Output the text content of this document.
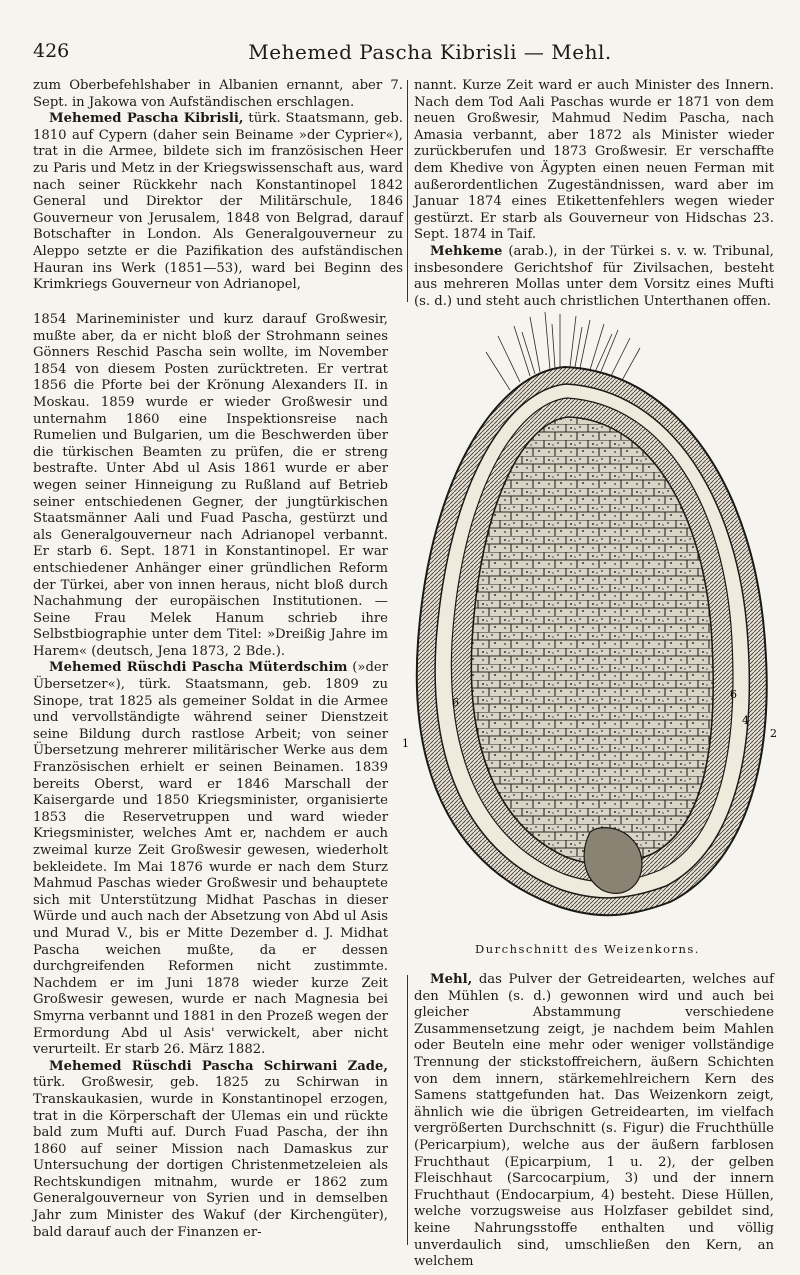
426	Mehemed Pascha Kibrisli — Mehl.

zum Oberbefehlshaber in Albanien ernannt, aber 7. Sept. in Jakowa von Aufständischen erschlagen.

Mehemed Pascha Kibrisli, türk. Staatsmann, geb. 1810 auf Cypern (daher sein Beiname »der Cyprier«), trat in die Armee, bildete sich im französischen Heer zu Paris und Metz in der Kriegswissenschaft aus, ward nach seiner Rückkehr nach Konstantinopel 1842 General und Direktor der Militärschule, 1846 Gouverneur von Jerusalem, 1848 von Belgrad, darauf Botschafter in London. Als Generalgouverneur zu Aleppo setzte er die Pazifikation des aufständischen Hauran ins Werk (1851—53), ward bei Beginn des Krimkriegs Gouverneur von Adrianopel,

1854 Marineminister und kurz darauf Großwesir, mußte aber, da er nicht bloß der Strohmann seines Gönners Reschid Pascha sein wollte, im November 1854 von diesem Posten zurücktreten. Er vertrat 1856 die Pforte bei der Krönung Alexanders II. in Moskau. 1859 wurde er wieder Großwesir und unternahm 1860 eine Inspektionsreise nach Rumelien und Bulgarien, um die Beschwerden über die türkischen Beamten zu prüfen, die er streng bestrafte. Unter Abd ul Asis 1861 wurde er aber wegen seiner Hinneigung zu Rußland auf Betrieb seiner entschiedenen Gegner, der jungtürkischen Staatsmänner Aali und Fuad Pascha, gestürzt und als Generalgouverneur nach Adrianopel verbannt. Er starb 6. Sept. 1871 in Konstantinopel. Er war entschiedener Anhänger einer gründlichen Reform der Türkei, aber von innen heraus, nicht bloß durch Nachahmung der europäischen Institutionen. — Seine Frau Melek Hanum schrieb ihre Selbstbiographie unter dem Titel: »Dreißig Jahre im Harem« (deutsch, Jena 1873, 2 Bde.).

Mehemed Rüschdi Pascha Müterdschim (»der Übersetzer«), türk. Staatsmann, geb. 1809 zu Sinope, trat 1825 als gemeiner Soldat in die Armee und vervollständigte während seiner Dienstzeit seine Bildung durch rastlose Arbeit; von seiner Übersetzung mehrerer militärischer Werke aus dem Französischen erhielt er seinen Beinamen. 1839 bereits Oberst, ward er 1846 Marschall der Kaisergarde und 1850 Kriegsminister, organisierte 1853 die Reservetruppen und ward wieder Kriegsminister, welches Amt er, nachdem er auch zweimal kurze Zeit Großwesir gewesen, wiederholt bekleidete. Im Mai 1876 wurde er nach dem Sturz Mahmud Paschas wieder Großwesir und behauptete sich mit Unterstützung Midhat Paschas in dieser Würde und auch nach der Absetzung von Abd ul Asis und Murad V., bis er Mitte Dezember d. J. Midhat Pascha weichen mußte, da er dessen durchgreifenden Reformen nicht zustimmte. Nachdem er im Juni 1878 wieder kurze Zeit Großwesir gewesen, wurde er nach Magnesia bei Smyrna verbannt und 1881 in den Prozeß wegen der Ermordung Abd ul Asis' verwickelt, aber nicht verurteilt. Er starb 26. März 1882.

Mehemed Rüschdi Pascha Schirwani Zade, türk. Großwesir, geb. 1825 zu Schirwan in Transkaukasien, wurde in Konstantinopel erzogen, trat in die Körperschaft der Ulemas ein und rückte bald zum Mufti auf. Durch Fuad Pascha, der ihn 1860 auf seiner Mission nach Damaskus zur Untersuchung der dortigen Christenmetzeleien als Rechtskundigen mitnahm, wurde er 1862 zum Generalgouverneur von Syrien und in demselben Jahr zum Minister des Wakuf (der Kirchengüter), bald darauf auch der Finanzen er-

nannt. Kurze Zeit ward er auch Minister des Innern. Nach dem Tod Aali Paschas wurde er 1871 von dem neuen Großwesir, Mahmud Nedim Pascha, nach Amasia verbannt, aber 1872 als Minister wieder zurückberufen und 1873 Großwesir. Er verschaffte dem Khedive von Ägypten einen neuen Ferman mit außerordentlichen Zugeständnissen, ward aber im Januar 1874 eines Etikettenfehlers wegen wieder gestürzt. Er starb als Gouverneur von Hidschas 23. Sept. 1874 in Taif.

Mehkeme (arab.), in der Türkei s. v. w. Tribunal, insbesondere Gerichtshof für Zivilsachen, besteht aus mehreren Mollas unter dem Vorsitz eines Mufti (s. d.) und steht auch christlichen Unterthanen offen.

6
6
4
2
1
Durchschnitt des Weizenkorns.

Mehl, das Pulver der Getreidearten, welches auf den Mühlen (s. d.) gewonnen wird und auch bei gleicher Abstammung verschiedene Zusammensetzung zeigt, je nachdem beim Mahlen oder Beuteln eine mehr oder weniger vollständige Trennung der stickstoffreichern, äußern Schichten von dem innern, stärkemehlreichern Kern des Samens stattgefunden hat. Das Weizenkorn zeigt, ähnlich wie die übrigen Getreidearten, im vielfach vergrößerten Durchschnitt (s. Figur) die Fruchthülle (Pericarpium), welche aus der äußern farblosen Fruchthaut (Epicarpium, 1 u. 2), der gelben Fleischhaut (Sarcocarpium, 3) und der innern Fruchthaut (Endocarpium, 4) besteht. Diese Hüllen, welche vorzugsweise aus Holzfaser gebildet sind, keine Nahrungsstoffe enthalten und völlig unverdaulich sind, umschließen den Kern, an welchem
